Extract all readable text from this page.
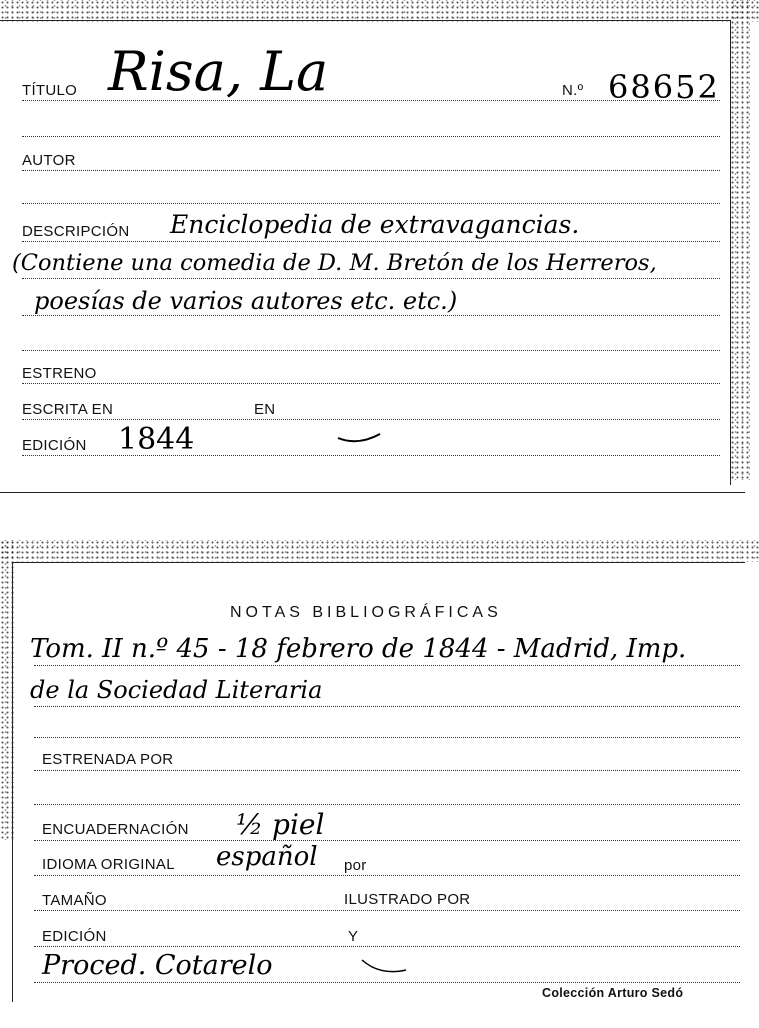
TÍTULO Risa, La	N.º 68652
AUTOR
DESCRIPCIÓN Enciclopedia de extravagancias.
(Contiene una comedia de D. M. Bretón de los Herreros,
poesías de varios autores etc. etc.)
ESTRENO
ESCRITA EN	EN
EDICIÓN 1844
NOTAS BIBLIOGRÁFICAS
Tom. II n.º 45 - 18 febrero de 1844 - Madrid, Imp.
de la Sociedad Literaria
ESTRENADA POR
ENCUADERNACIÓN ½ piel
IDIOMA ORIGINAL español por
TAMAÑO	ILUSTRADO POR
EDICIÓN	Y
Proced. Cotarelo
Colección Arturo Sedó
